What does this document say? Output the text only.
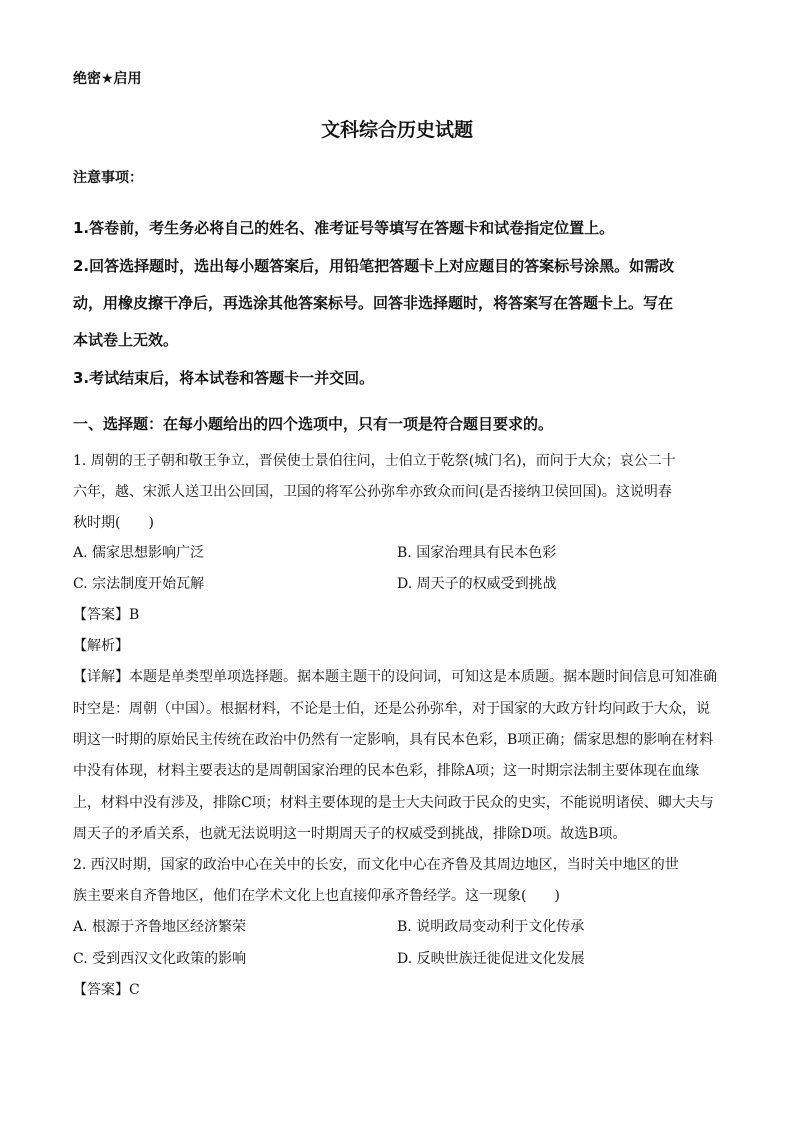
绝密★启用
文科综合历史试题
注意事项：
1.答卷前，考生务必将自己的姓名、准考证号等填写在答题卡和试卷指定位置上。
2.回答选择题时，选出每小题答案后，用铅笔把答题卡上对应题目的答案标号涂黑。如需改
动，用橡皮擦干净后，再选涂其他答案标号。回答非选择题时，将答案写在答题卡上。写在
本试卷上无效。
3.考试结束后，将本试卷和答题卡一并交回。
一、选择题：在每小题给出的四个选项中，只有一项是符合题目要求的。
1. 周朝的王子朝和敬王争立，晋侯使士景伯往问，士伯立于乾祭(城门名)，而问于大众；哀公二十
六年，越、宋派人送卫出公回国，卫国的将军公孙弥牟亦致众而问(是否接纳卫侯回国)。这说明春
秋时期(　　)
A. 儒家思想影响广泛	B. 国家治理具有民本色彩
C. 宗法制度开始瓦解	D. 周天子的权威受到挑战
【答案】B
【解析】
【详解】本题是单类型单项选择题。据本题主题干的设问词，可知这是本质题。据本题时间信息可知准确
时空是：周朝（中国）。根据材料，不论是士伯，还是公孙弥牟，对于国家的大政方针均问政于大众，说
明这一时期的原始民主传统在政治中仍然有一定影响，具有民本色彩，B项正确；儒家思想的影响在材料
中没有体现，材料主要表达的是周朝国家治理的民本色彩，排除A项；这一时期宗法制主要体现在血缘
上，材料中没有涉及，排除C项；材料主要体现的是士大夫问政于民众的史实，不能说明诸侯、卿大夫与
周天子的矛盾关系，也就无法说明这一时期周天子的权威受到挑战，排除D项。故选B项。
2. 西汉时期，国家的政治中心在关中的长安，而文化中心在齐鲁及其周边地区，当时关中地区的世
族主要来自齐鲁地区，他们在学术文化上也直接仰承齐鲁经学。这一现象(　　)
A. 根源于齐鲁地区经济繁荣	B. 说明政局变动利于文化传承
C. 受到西汉文化政策的影响	D. 反映世族迁徙促进文化发展
【答案】C
